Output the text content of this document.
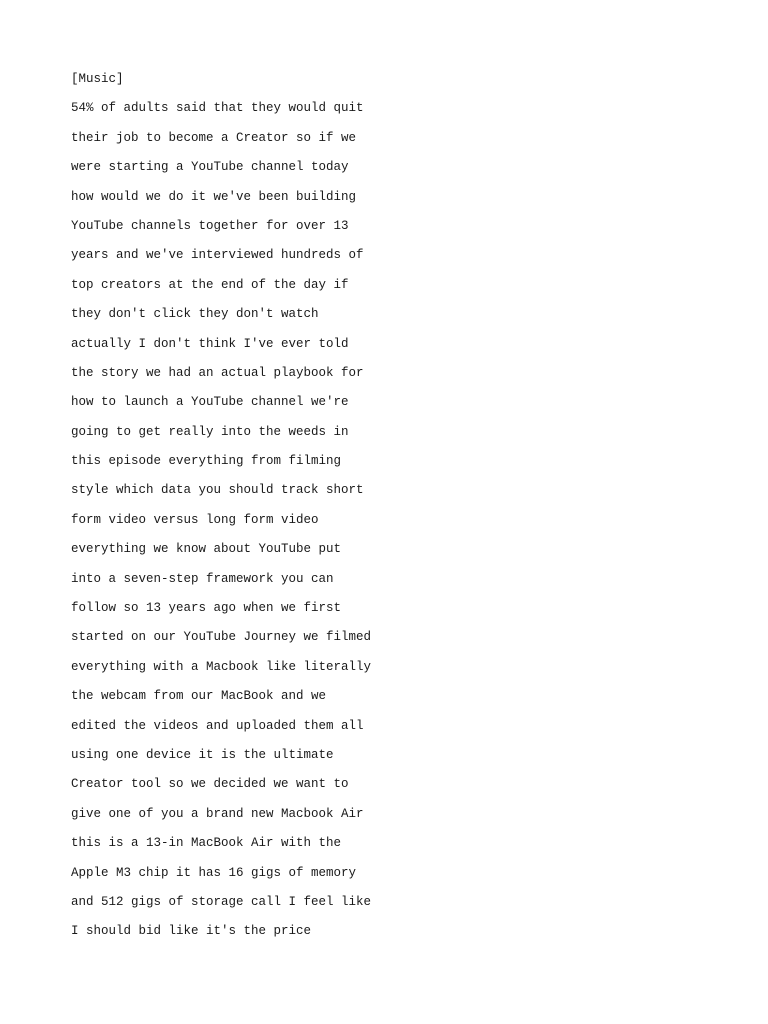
[Music]
54% of adults said that they would quit
their job to become a Creator so if we
were starting a YouTube channel today
how would we do it we've been building
YouTube channels together for over 13
years and we've interviewed hundreds of
top creators at the end of the day if
they don't click they don't watch
actually I don't think I've ever told
the story we had an actual playbook for
how to launch a YouTube channel we're
going to get really into the weeds in
this episode everything from filming
style which data you should track short
form video versus long form video
everything we know about YouTube put
into a seven-step framework you can
follow so 13 years ago when we first
started on our YouTube Journey we filmed
everything with a Macbook like literally
the webcam from our MacBook and we
edited the videos and uploaded them all
using one device it is the ultimate
Creator tool so we decided we want to
give one of you a brand new Macbook Air
this is a 13-in MacBook Air with the
Apple M3 chip it has 16 gigs of memory
and 512 gigs of storage call I feel like
I should bid like it's the price
